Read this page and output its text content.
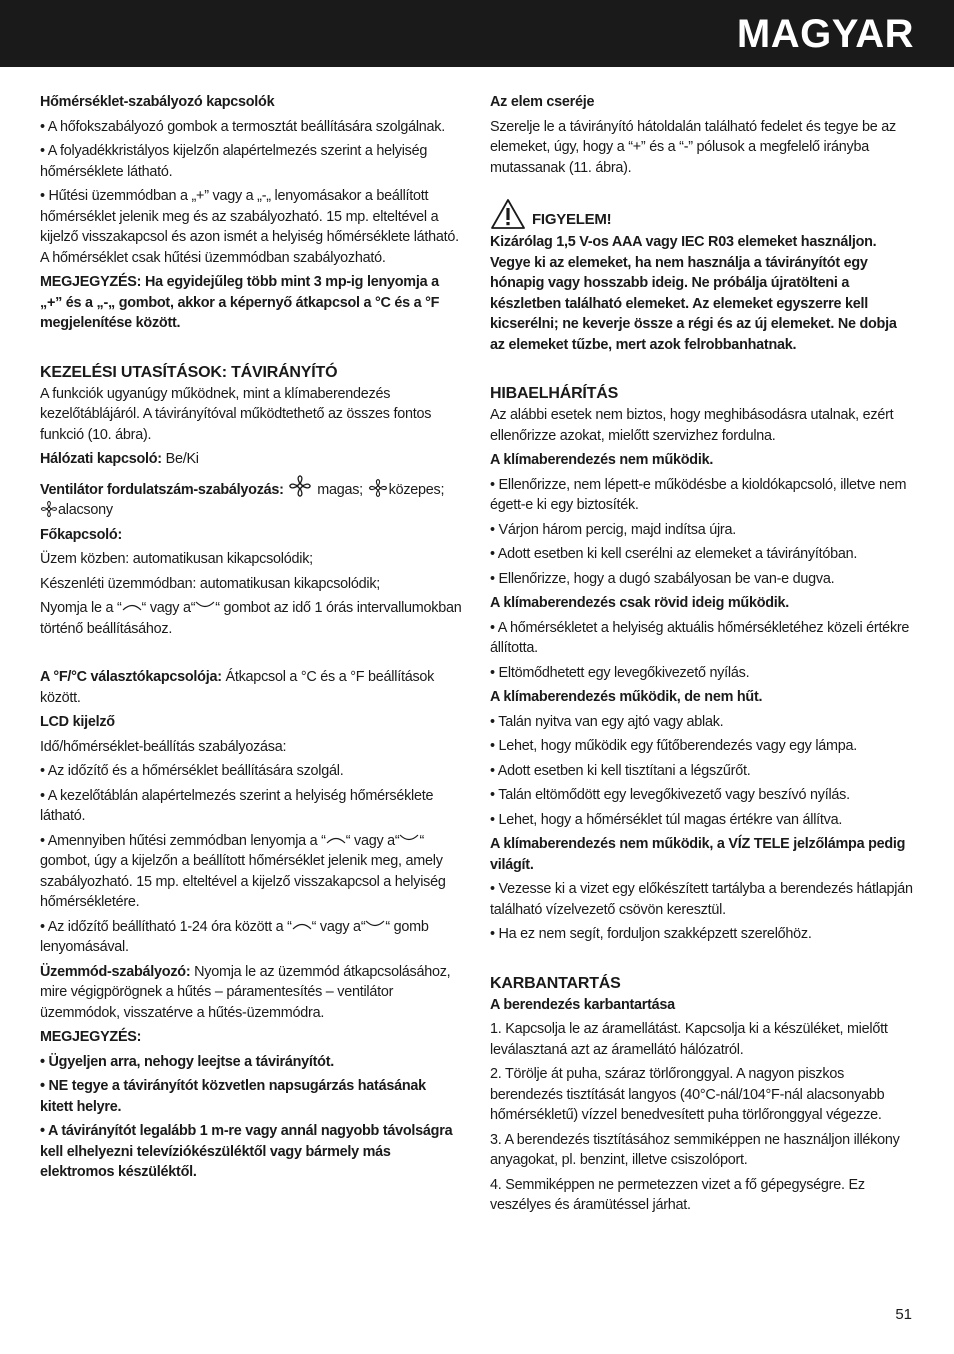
MAGYAR

Hőmérséklet-szabályozó kapcsolók

• A hőfokszabályozó gombok a termosztát beállítására szolgálnak.

• A folyadékkristályos kijelzőn alapértelmezés szerint a helyiség hőmérséklete látható.

• Hűtési üzemmódban a „+” vagy a „-„ lenyomásakor a beállított hőmérséklet jelenik meg és az szabályozható. 15 mp. elteltével a kijelző visszakapcsol és azon ismét a helyiség hőmérséklete látható. A hőmérséklet csak hűtési üzemmódban szabályozható.

MEGJEGYZÉS: Ha egyidejűleg több mint 3 mp-ig lenyomja a „+” és a „-„ gombot, akkor a képernyő átkapcsol a °C és a °F megjelenítése között.

KEZELÉSI UTASÍTÁSOK: TÁVIRÁNYÍTÓ

A funkciók ugyanúgy működnek, mint a klímaberendezés kezelőtáblájáról. A távirányítóval működtethető az összes fontos funkció (10. ábra).

Hálózati kapcsoló: Be/Ki

Ventilátor fordulatszám-szabályozás: magas; közepes; alacsony

Főkapcsoló:

Üzem közben: automatikusan kikapcsolódik;

Készenléti üzemmódban: automatikusan kikapcsolódik;

Nyomja le a “ “ vagy a“ “ gombot az idő 1 órás intervallumokban történő beállításához.

A °F/°C választókapcsolója: Átkapcsol a °C és a °F beállítások között.

LCD kijelző

Idő/hőmérséklet-beállítás szabályozása:

• Az időzítő és a hőmérséklet beállítására szolgál.

• A kezelőtáblán alapértelmezés szerint a helyiség hőmérséklete látható.

• Amennyiben hűtési zemmódban lenyomja a “ “ vagy a“ “ gombot, úgy a kijelzőn a beállított hőmérséklet jelenik meg, amely szabályozható. 15 mp. elteltével a kijelző visszakapcsol a helyiség hőmérsékletére.

• Az időzítő beállítható 1-24 óra között a “ “ vagy a“ “ gomb lenyomásával.

Üzemmód-szabályozó: Nyomja le az üzemmód átkapcsolásához, mire végigpörögnek a hűtés – páramentesítés – ventilátor üzemmódok, visszatérve a hűtés-üzemmódra.

MEGJEGYZÉS:

• Ügyeljen arra, nehogy leejtse a távirányítót.

• NE tegye a távirányítót közvetlen napsugárzás hatásának kitett helyre.

• A távirányítót legalább 1 m-re vagy annál nagyobb távolságra kell elhelyezni televíziókészüléktől vagy bármely más elektromos készüléktől.

Az elem cseréje

Szerelje le a távirányító hátoldalán található fedelet és tegye be az elemeket, úgy, hogy a “+” és a “-” pólusok a megfelelő irányba mutassanak (11. ábra).

FIGYELEM!

Kizárólag 1,5 V-os AAA vagy IEC R03 elemeket használjon. Vegye ki az elemeket, ha nem használja a távirányítót egy hónapig vagy hosszabb ideig. Ne próbálja újratölteni a készletben található elemeket. Az elemeket egyszerre kell kicserélni; ne keverje össze a régi és az új elemeket. Ne dobja az elemeket tűzbe, mert azok felrobbanhatnak.

HIBAELHÁRÍTÁS

Az alábbi esetek nem biztos, hogy meghibásodásra utalnak, ezért ellenőrizze azokat, mielőtt szervizhez fordulna.

A klímaberendezés nem működik.

• Ellenőrizze, nem lépett-e működésbe a kioldókapcsoló, illetve nem égett-e ki egy biztosíték.

• Várjon három percig, majd indítsa újra.

• Adott esetben ki kell cserélni az elemeket a távirányítóban.

• Ellenőrizze, hogy a dugó szabályosan be van-e dugva.

A klímaberendezés csak rövid ideig működik.

• A hőmérsékletet a helyiség aktuális hőmérsékletéhez közeli értékre állította.

• Eltömődhetett egy levegőkivezető nyílás.

A klímaberendezés működik, de nem hűt.

• Talán nyitva van egy ajtó vagy ablak.

• Lehet, hogy működik egy fűtőberendezés vagy egy lámpa.

• Adott esetben ki kell tisztítani a légszűrőt.

• Talán eltömődött egy levegőkivezető vagy beszívó nyílás.

• Lehet, hogy a hőmérséklet túl magas értékre van állítva.

A klímaberendezés nem működik, a VÍZ TELE jelzőlámpa pedig világít.

• Vezesse ki a vizet egy előkészített tartályba a berendezés hátlapján található vízelvezető csövön keresztül.

• Ha ez nem segít, forduljon szakképzett szerelőhöz.

KARBANTARTÁS

A berendezés karbantartása

1. Kapcsolja le az áramellátást. Kapcsolja ki a készüléket, mielőtt leválasztaná azt az áramellátó hálózatról.

2. Törölje át puha, száraz törlőronggyal. A nagyon piszkos berendezés tisztítását langyos (40°C-nál/104°F-nál alacsonyabb hőmérsékletű) vízzel benedvesített puha törlőronggyal végezze.

3. A berendezés tisztításához semmiképpen ne használjon illékony anyagokat, pl. benzint, illetve csiszolóport.

4. Semmiképpen ne permetezzen vizet a fő gépegységre. Ez veszélyes és áramütéssel járhat.

51
